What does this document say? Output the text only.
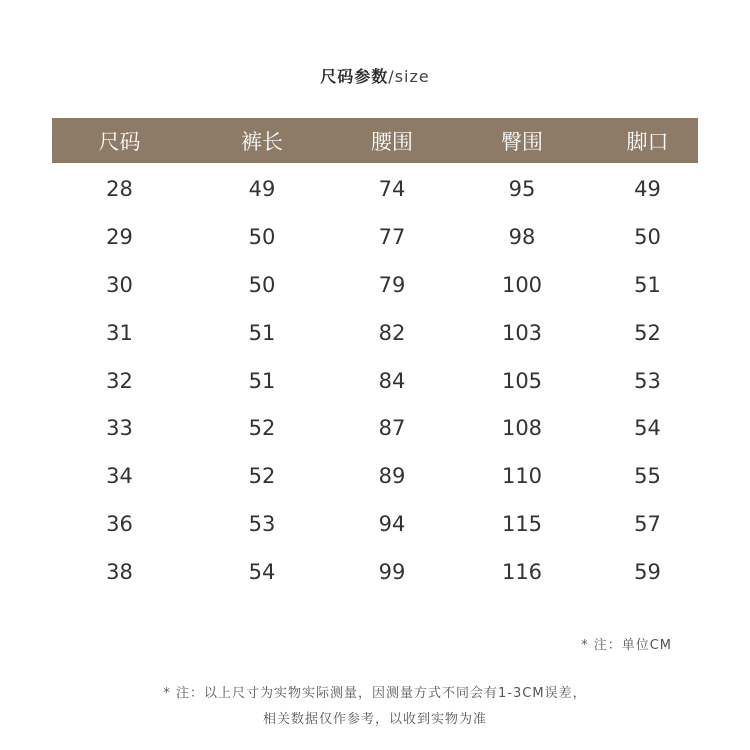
尺码参数/size
尺码	裤长	腰围	臀围	脚口
28	49	74	95	49
29	50	77	98	50
30	50	79	100	51
31	51	82	103	52
32	51	84	105	53
33	52	87	108	54
34	52	89	110	55
36	53	94	115	57
38	54	99	116	59
* 注：单位CM
* 注：以上尺寸为实物实际测量，因测量方式不同会有1-3CM误差，
相关数据仅作参考，以收到实物为准
